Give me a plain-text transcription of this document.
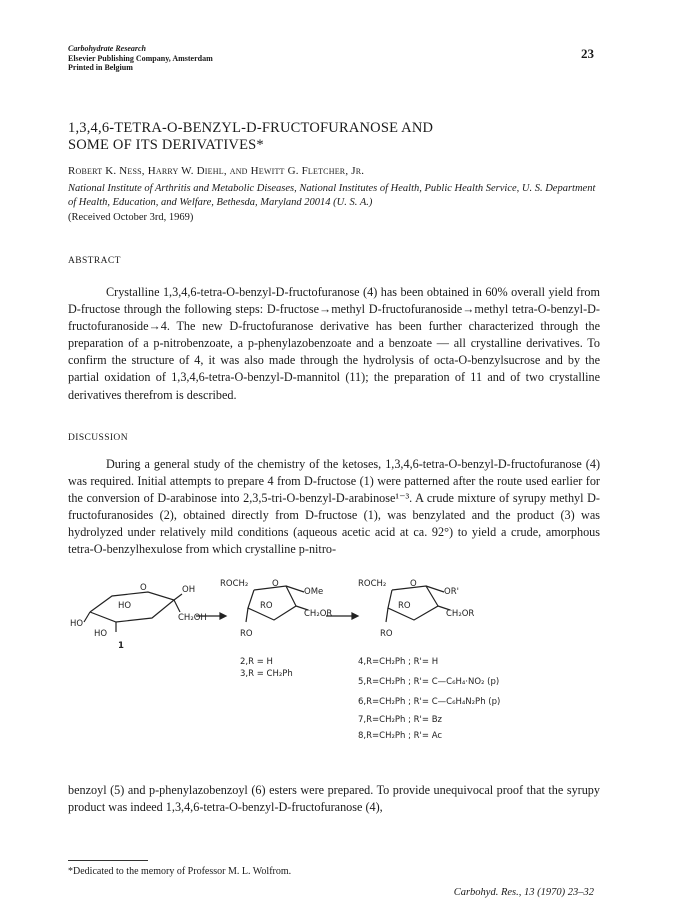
Carbohydrate Research
Elsevier Publishing Company, Amsterdam
Printed in Belgium
23
1,3,4,6-TETRA-O-BENZYL-D-FRUCTOFURANOSE AND
SOME OF ITS DERIVATIVES*
Robert K. Ness, Harry W. Diehl, and Hewitt G. Fletcher, Jr.
National Institute of Arthritis and Metabolic Diseases, National Institutes of Health, Public Health Service, U. S. Department of Health, Education, and Welfare, Bethesda, Maryland 20014 (U. S. A.)
(Received October 3rd, 1969)
ABSTRACT

Crystalline 1,3,4,6-tetra-O-benzyl-D-fructofuranose (4) has been obtained in 60% overall yield from D-fructose through the following steps: D-fructose→methyl D-fructofuranoside→methyl tetra-O-benzyl-D-fructofuranoside→4. The new D-fructofuranose derivative has been further characterized through the preparation of a p-nitrobenzoate, a p-phenylazobenzoate and a benzoate — all crystalline derivatives. To confirm the structure of 4, it was also made through the hydrolysis of octa-O-benzylsucrose and by the partial oxidation of 1,3,4,6-tetra-O-benzyl-D-mannitol (11); the preparation of 11 and of two crystalline derivatives therefrom is described.

DISCUSSION

During a general study of the chemistry of the ketoses, 1,3,4,6-tetra-O-benzyl-D-fructofuranose (4) was required. Initial attempts to prepare 4 from D-fructose (1) were patterned after the route used earlier for the conversion of D-arabinose into 2,3,5-tri-O-benzyl-D-arabinose¹⁻³. A crude mixture of syrupy methyl D-fructofuranosides (2), obtained directly from D-fructose (1), was benzylated and the product (3) was hydrolyzed under relatively mild conditions (aqueous acetic acid at ca. 92°) to yield a crude, amorphous tetra-O-benzylhexulose from which crystalline p-nitro-

O	OH
HO
CH₂OH
HO
HO
1
ROCH₂	O
OMe
RO
CH₂OR
RO
ROCH₂	O
OR'
RO
CH₂OR
RO
2,R = H
3,R = CH₂Ph
4,R=CH₂Ph ; R'= H
5,R=CH₂Ph ; R'= C—C₆H₄·NO₂ (p)
6,R=CH₂Ph ; R'= C—C₆H₄N₂Ph (p)
7,R=CH₂Ph ; R'= Bz
8,R=CH₂Ph ; R'= Ac

benzoyl (5) and p-phenylazobenzoyl (6) esters were prepared. To provide unequivocal proof that the syrupy product was indeed 1,3,4,6-tetra-O-benzyl-D-fructofuranose (4),

*Dedicated to the memory of Professor M. L. Wolfrom.
Carbohyd. Res., 13 (1970) 23–32
